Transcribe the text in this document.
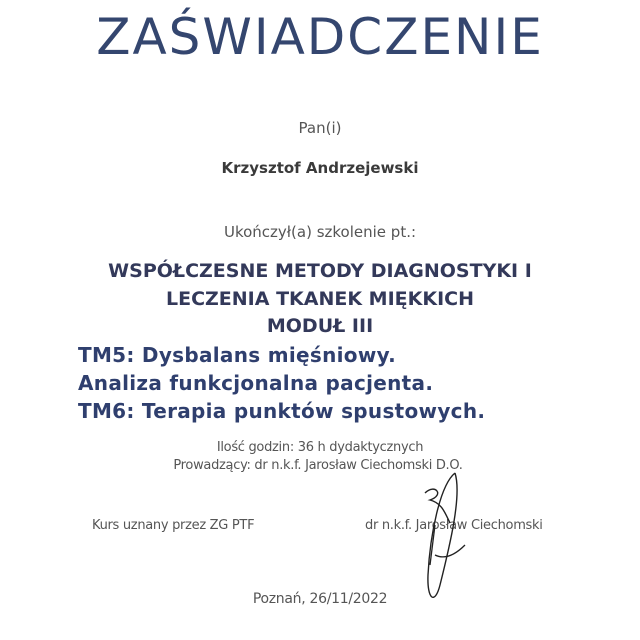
ZAŚWIADCZENIE
Pan(i)
Krzysztof Andrzejewski
Ukończył(a) szkolenie pt.:
WSPÓŁCZESNE METODY DIAGNOSTYKI I
LECZENIA TKANEK MIĘKKICH
MODUŁ III
TM5: Dysbalans mięśniowy.
Analiza funkcjonalna pacjenta.
TM6: Terapia punktów spustowych.
Ilość godzin: 36 h dydaktycznych
Prowadzący: dr n.k.f. Jarosław Ciechomski D.O.
Kurs uznany przez ZG PTF	dr n.k.f. Jarosław Ciechomski
Poznań, 26/11/2022
